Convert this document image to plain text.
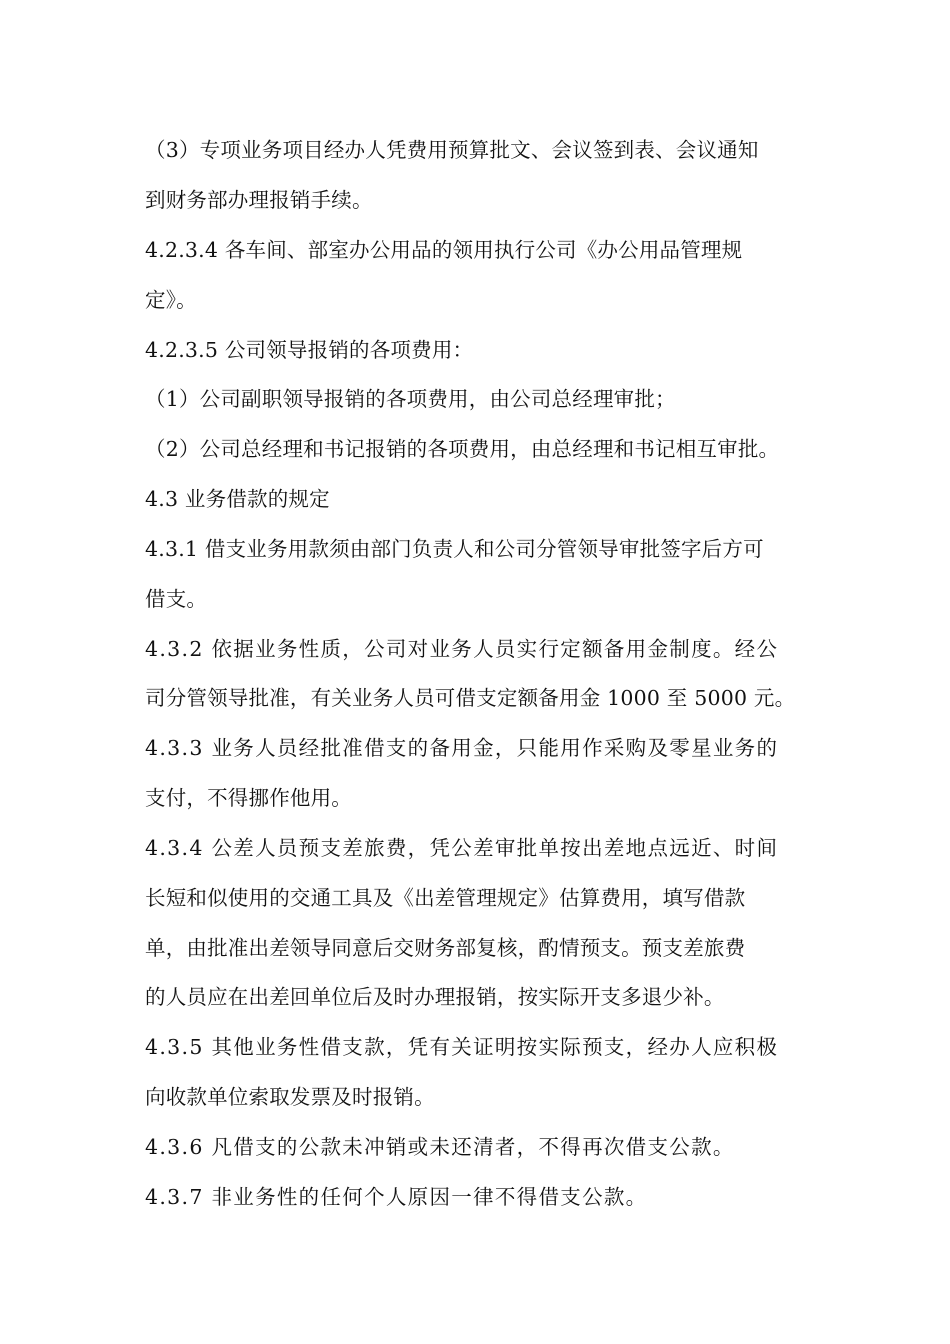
（3）专项业务项目经办人凭费用预算批文、会议签到表、会议通知
到财务部办理报销手续。
4.2.3.4 各车间、部室办公用品的领用执行公司《办公用品管理规
定》。
4.2.3.5 公司领导报销的各项费用：
（1）公司副职领导报销的各项费用，由公司总经理审批；
（2）公司总经理和书记报销的各项费用，由总经理和书记相互审批。
4.3 业务借款的规定
4.3.1 借支业务用款须由部门负责人和公司分管领导审批签字后方可
借支。
4.3.2 依据业务性质，公司对业务人员实行定额备用金制度。经公
司分管领导批准，有关业务人员可借支定额备用金 1000 至 5000 元。
4.3.3 业务人员经批准借支的备用金，只能用作采购及零星业务的
支付，不得挪作他用。
4.3.4 公差人员预支差旅费，凭公差审批单按出差地点远近、时间
长短和似使用的交通工具及《出差管理规定》估算费用，填写借款
单，由批准出差领导同意后交财务部复核，酌情预支。预支差旅费
的人员应在出差回单位后及时办理报销，按实际开支多退少补。
4.3.5 其他业务性借支款，凭有关证明按实际预支，经办人应积极
向收款单位索取发票及时报销。
4.3.6 凡借支的公款未冲销或未还清者，不得再次借支公款。
4.3.7 非业务性的任何个人原因一律不得借支公款。
